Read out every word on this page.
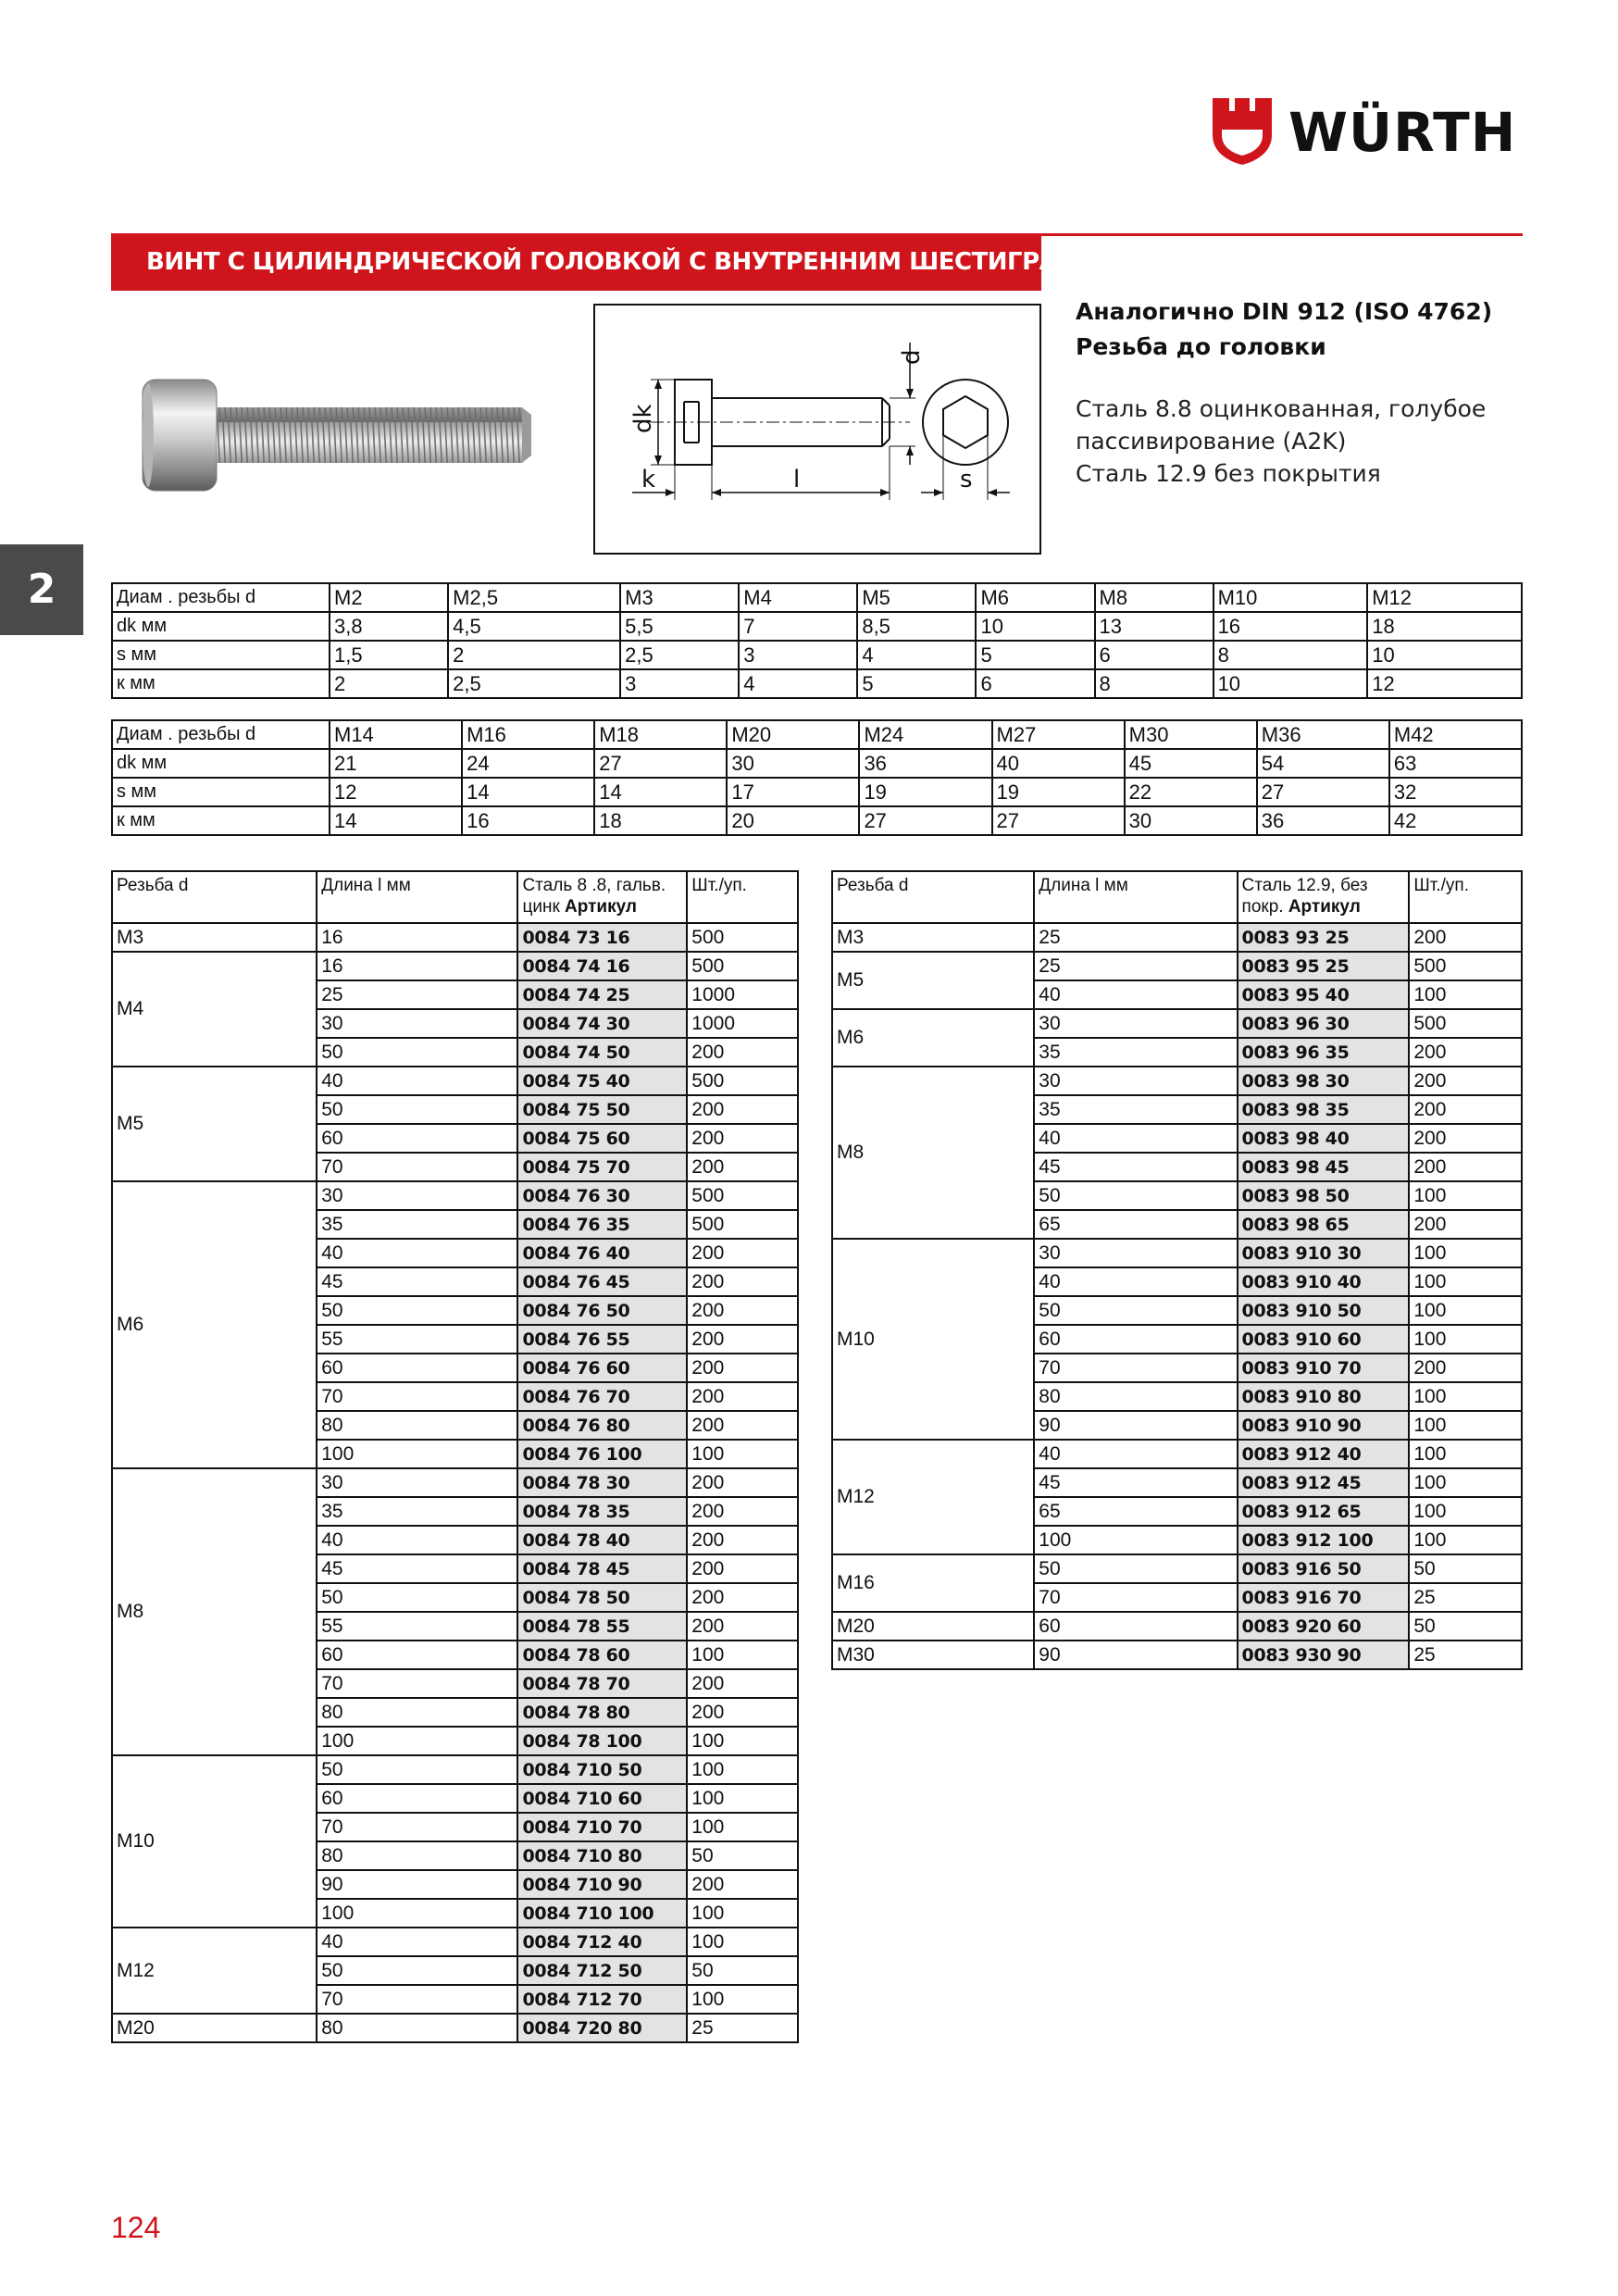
WÜRTH
ВИНТ С ЦИЛИНДРИЧЕСКОЙ ГОЛОВКОЙ С ВНУТРЕННИМ ШЕСТИГРАННИКОМ
2
d
dk
k	l	s
Аналогично DIN 912 (ISO 4762)
Резьба до головки
Сталь 8.8 оцинкованная, голубое
пассивирование (A2K)
Сталь 12.9 без покрытия
Диам . резьбы d	M2	M2,5	M3	M4	M5	M6	M8	M10	M12
dk мм	3,8	4,5	5,5	7	8,5	10	13	16	18
s мм	1,5	2	2,5	3	4	5	6	8	10
к мм	2	2,5	3	4	5	6	8	10	12
Диам . резьбы d	M14	M16	M18	M20	M24	M27	M30	M36	M42
dk мм	21	24	27	30	36	40	45	54	63
s мм	12	14	14	17	19	19	22	27	32
к мм	14	16	18	20	27	27	30	36	42
Резьба d	Длина l мм	Сталь 8 .8, гальв. цинк Артикул	Шт./уп.
M3	16	0084 73 16	500
M4	16	0084 74 16	500
	25	0084 74 25	1000
	30	0084 74 30	1000
	50	0084 74 50	200
M5	40	0084 75 40	500
	50	0084 75 50	200
	60	0084 75 60	200
	70	0084 75 70	200
M6	30	0084 76 30	500
	35	0084 76 35	500
	40	0084 76 40	200
	45	0084 76 45	200
	50	0084 76 50	200
	55	0084 76 55	200
	60	0084 76 60	200
	70	0084 76 70	200
	80	0084 76 80	200
	100	0084 76 100	100
M8	30	0084 78 30	200
	35	0084 78 35	200
	40	0084 78 40	200
	45	0084 78 45	200
	50	0084 78 50	200
	55	0084 78 55	200
	60	0084 78 60	100
	70	0084 78 70	200
	80	0084 78 80	200
	100	0084 78 100	100
M10	50	0084 710 50	100
	60	0084 710 60	100
	70	0084 710 70	100
	80	0084 710 80	50
	90	0084 710 90	200
	100	0084 710 100	100
M12	40	0084 712 40	100
	50	0084 712 50	50
	70	0084 712 70	100
M20	80	0084 720 80	25
Резьба d	Длина l мм	Сталь 12.9, без покр. Артикул	Шт./уп.
M3	25	0083 93 25	200
M5	25	0083 95 25	500
	40	0083 95 40	100
M6	30	0083 96 30	500
	35	0083 96 35	200
M8	30	0083 98 30	200
	35	0083 98 35	200
	40	0083 98 40	200
	45	0083 98 45	200
	50	0083 98 50	100
	65	0083 98 65	200
M10	30	0083 910 30	100
	40	0083 910 40	100
	50	0083 910 50	100
	60	0083 910 60	100
	70	0083 910 70	200
	80	0083 910 80	100
	90	0083 910 90	100
M12	40	0083 912 40	100
	45	0083 912 45	100
	65	0083 912 65	100
	100	0083 912 100	100
M16	50	0083 916 50	50
	70	0083 916 70	25
M20	60	0083 920 60	50
M30	90	0083 930 90	25
124
